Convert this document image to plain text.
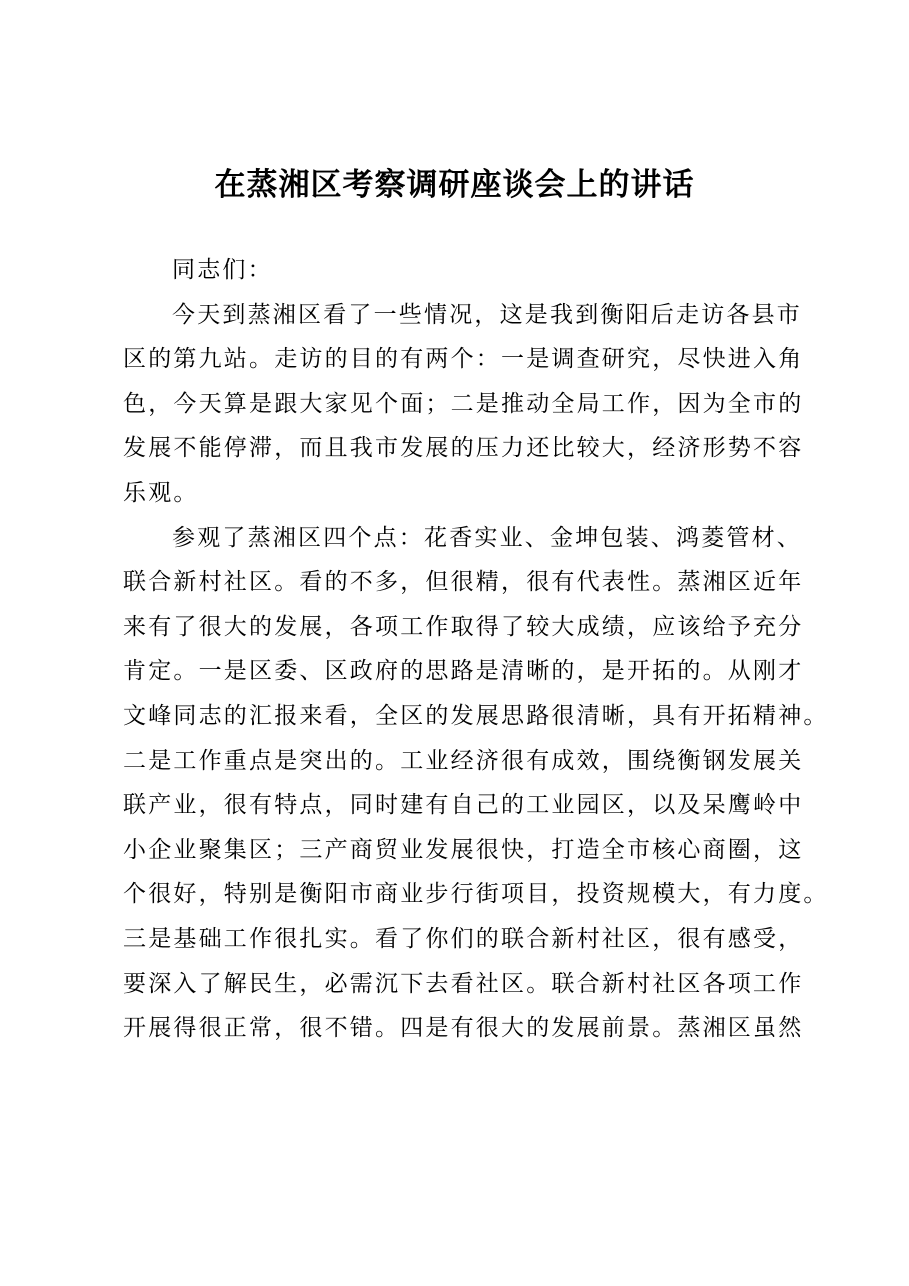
在蒸湘区考察调研座谈会上的讲话
同志们：
今天到蒸湘区看了一些情况，这是我到衡阳后走访各县市
区的第九站。走访的目的有两个：一是调查研究，尽快进入角
色，今天算是跟大家见个面；二是推动全局工作，因为全市的
发展不能停滞，而且我市发展的压力还比较大，经济形势不容
乐观。
参观了蒸湘区四个点：花香实业、金坤包装、鸿菱管材、
联合新村社区。看的不多，但很精，很有代表性。蒸湘区近年
来有了很大的发展，各项工作取得了较大成绩，应该给予充分
肯定。一是区委、区政府的思路是清晰的，是开拓的。从刚才
文峰同志的汇报来看，全区的发展思路很清晰，具有开拓精神。
二是工作重点是突出的。工业经济很有成效，围绕衡钢发展关
联产业，很有特点，同时建有自己的工业园区，以及呆鹰岭中
小企业聚集区；三产商贸业发展很快，打造全市核心商圈，这
个很好，特别是衡阳市商业步行街项目，投资规模大，有力度。
三是基础工作很扎实。看了你们的联合新村社区，很有感受，
要深入了解民生，必需沉下去看社区。联合新村社区各项工作
开展得很正常，很不错。四是有很大的发展前景。蒸湘区虽然
